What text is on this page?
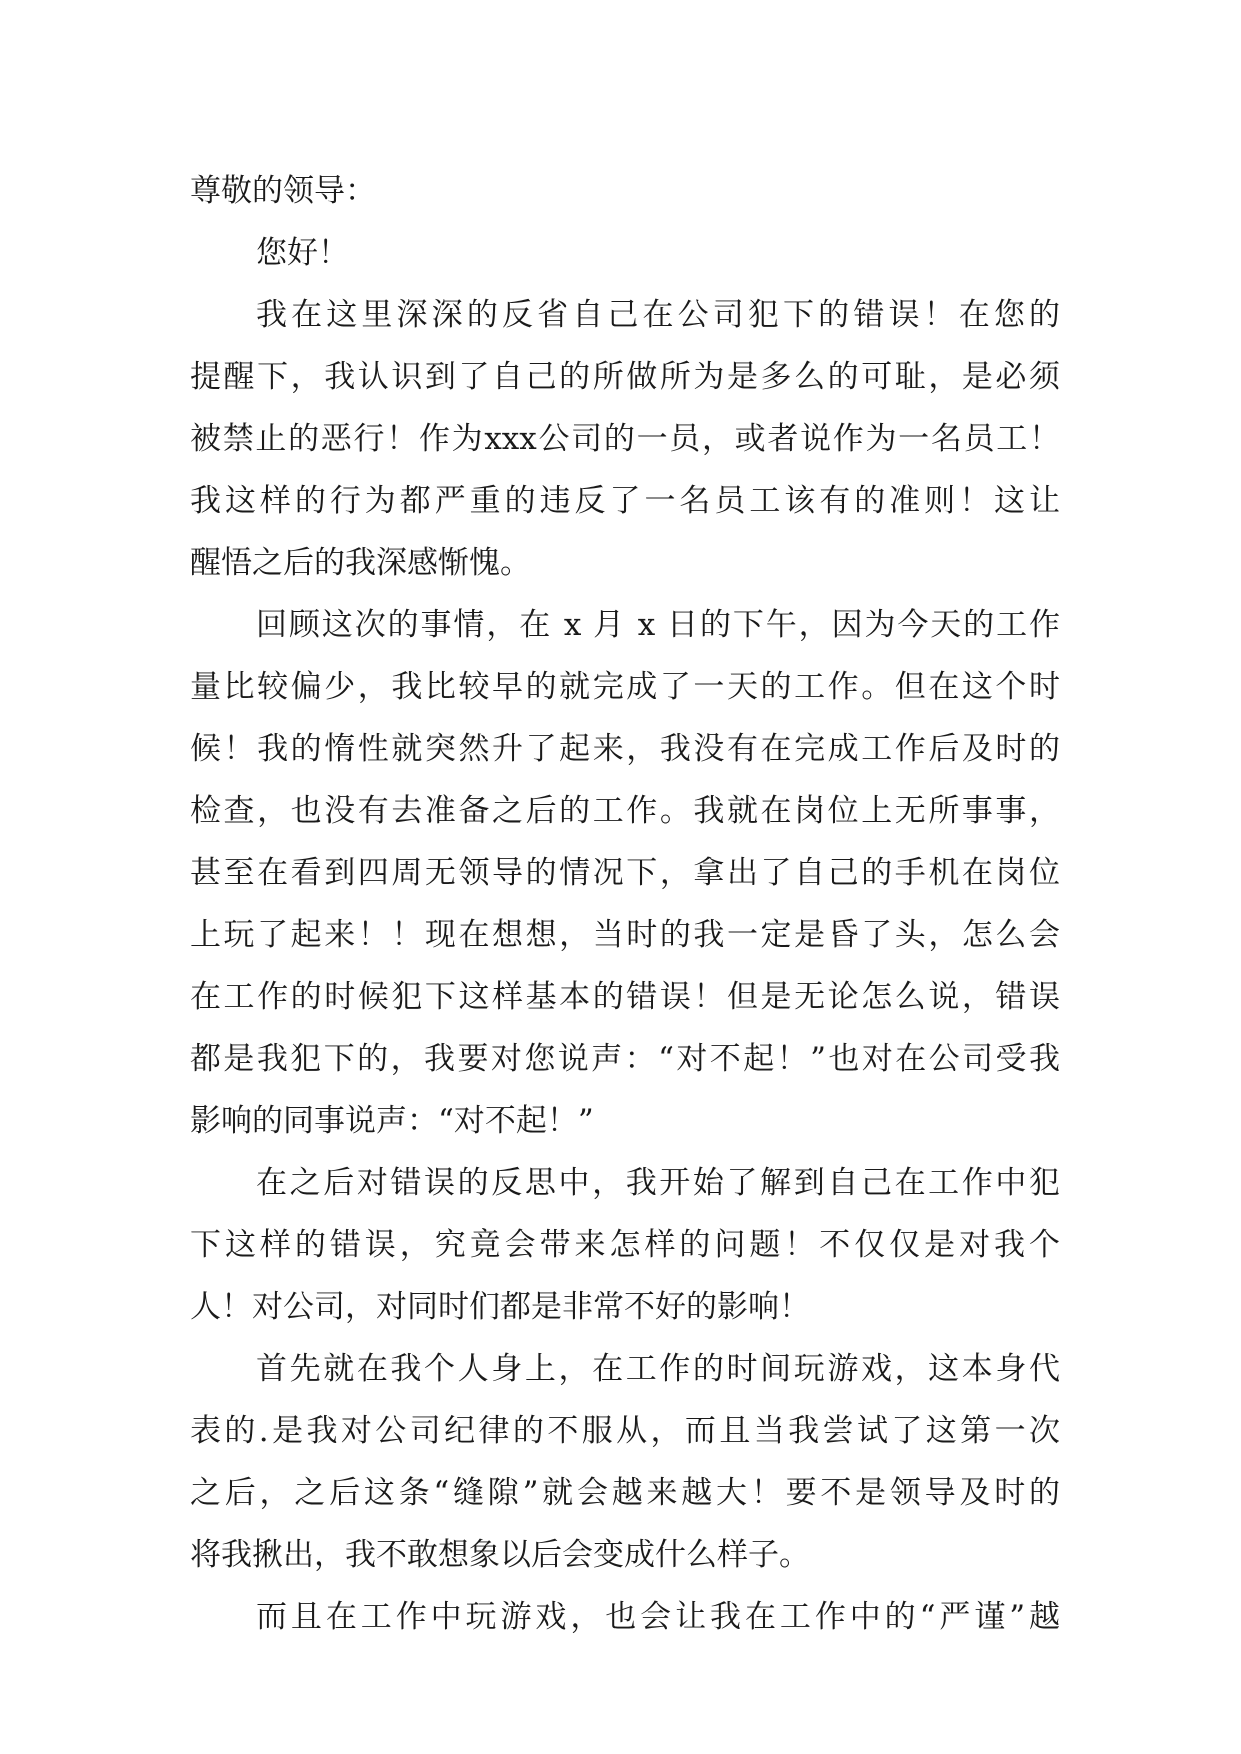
尊敬的领导：
您好！
我在这里深深的反省自己在公司犯下的错误！在您的
提醒下，我认识到了自己的所做所为是多么的可耻，是必须
被禁止的恶行！作为xxx公司的一员，或者说作为一名员工！
我这样的行为都严重的违反了一名员工该有的准则！这让
醒悟之后的我深感惭愧。
回顾这次的事情，在 x 月 x 日的下午，因为今天的工作
量比较偏少，我比较早的就完成了一天的工作。但在这个时
候！我的惰性就突然升了起来，我没有在完成工作后及时的
检查，也没有去准备之后的工作。我就在岗位上无所事事，
甚至在看到四周无领导的情况下，拿出了自己的手机在岗位
上玩了起来！！现在想想，当时的我一定是昏了头，怎么会
在工作的时候犯下这样基本的错误！但是无论怎么说，错误
都是我犯下的，我要对您说声：“对不起！”也对在公司受我
影响的同事说声：“对不起！”
在之后对错误的反思中，我开始了解到自己在工作中犯
下这样的错误，究竟会带来怎样的问题！不仅仅是对我个
人！对公司，对同时们都是非常不好的影响！
首先就在我个人身上，在工作的时间玩游戏，这本身代
表的.是我对公司纪律的不服从，而且当我尝试了这第一次
之后，之后这条“缝隙”就会越来越大！要不是领导及时的
将我揪出，我不敢想象以后会变成什么样子。
而且在工作中玩游戏，也会让我在工作中的“严谨”越
